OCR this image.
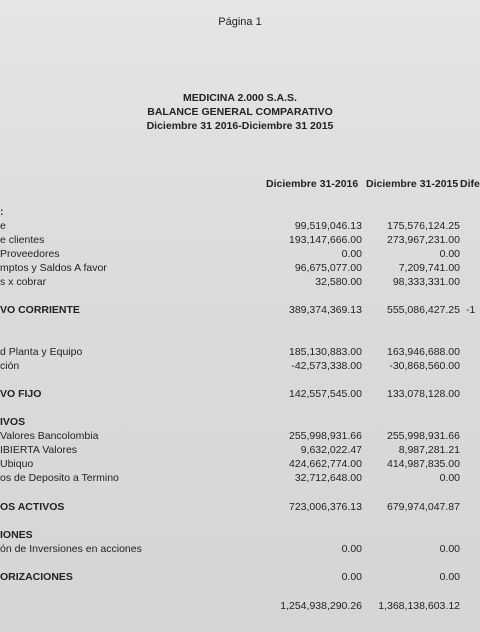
Página 1
MEDICINA 2.000 S.A.S.
BALANCE GENERAL COMPARATIVO
Diciembre 31 2016-Diciembre 31 2015
Diciembre 31-2016 Diciembre 31-2015 Dife
:
e	99,519,046.13	175,576,124.25
e clientes	193,147,666.00	273,967,231.00
Proveedores	0.00	0.00
mptos y Saldos A favor	96,675,077.00	7,209,741.00
s x cobrar	32,580.00	98,333,331.00
VO CORRIENTE	389,374,369.13	555,086,427.25 -1
d Planta y Equipo	185,130,883.00	163,946,688.00
ción	-42,573,338.00	-30,868,560.00
VO FIJO	142,557,545.00	133,078,128.00
IVOS
Valores Bancolombia	255,998,931.66	255,998,931.66
IBIERTA Valores	9,632,022.47	8,987,281.21
Ubiquo	424,662,774.00	414,987,835.00
os de Deposito a Termino	32,712,648.00	0.00
OS ACTIVOS	723,006,376.13	679,974,047.87
IONES
ón de Inversiones en acciones	0.00	0.00
ORIZACIONES	0.00	0.00
1,254,938,290.26	1,368,138,603.12
